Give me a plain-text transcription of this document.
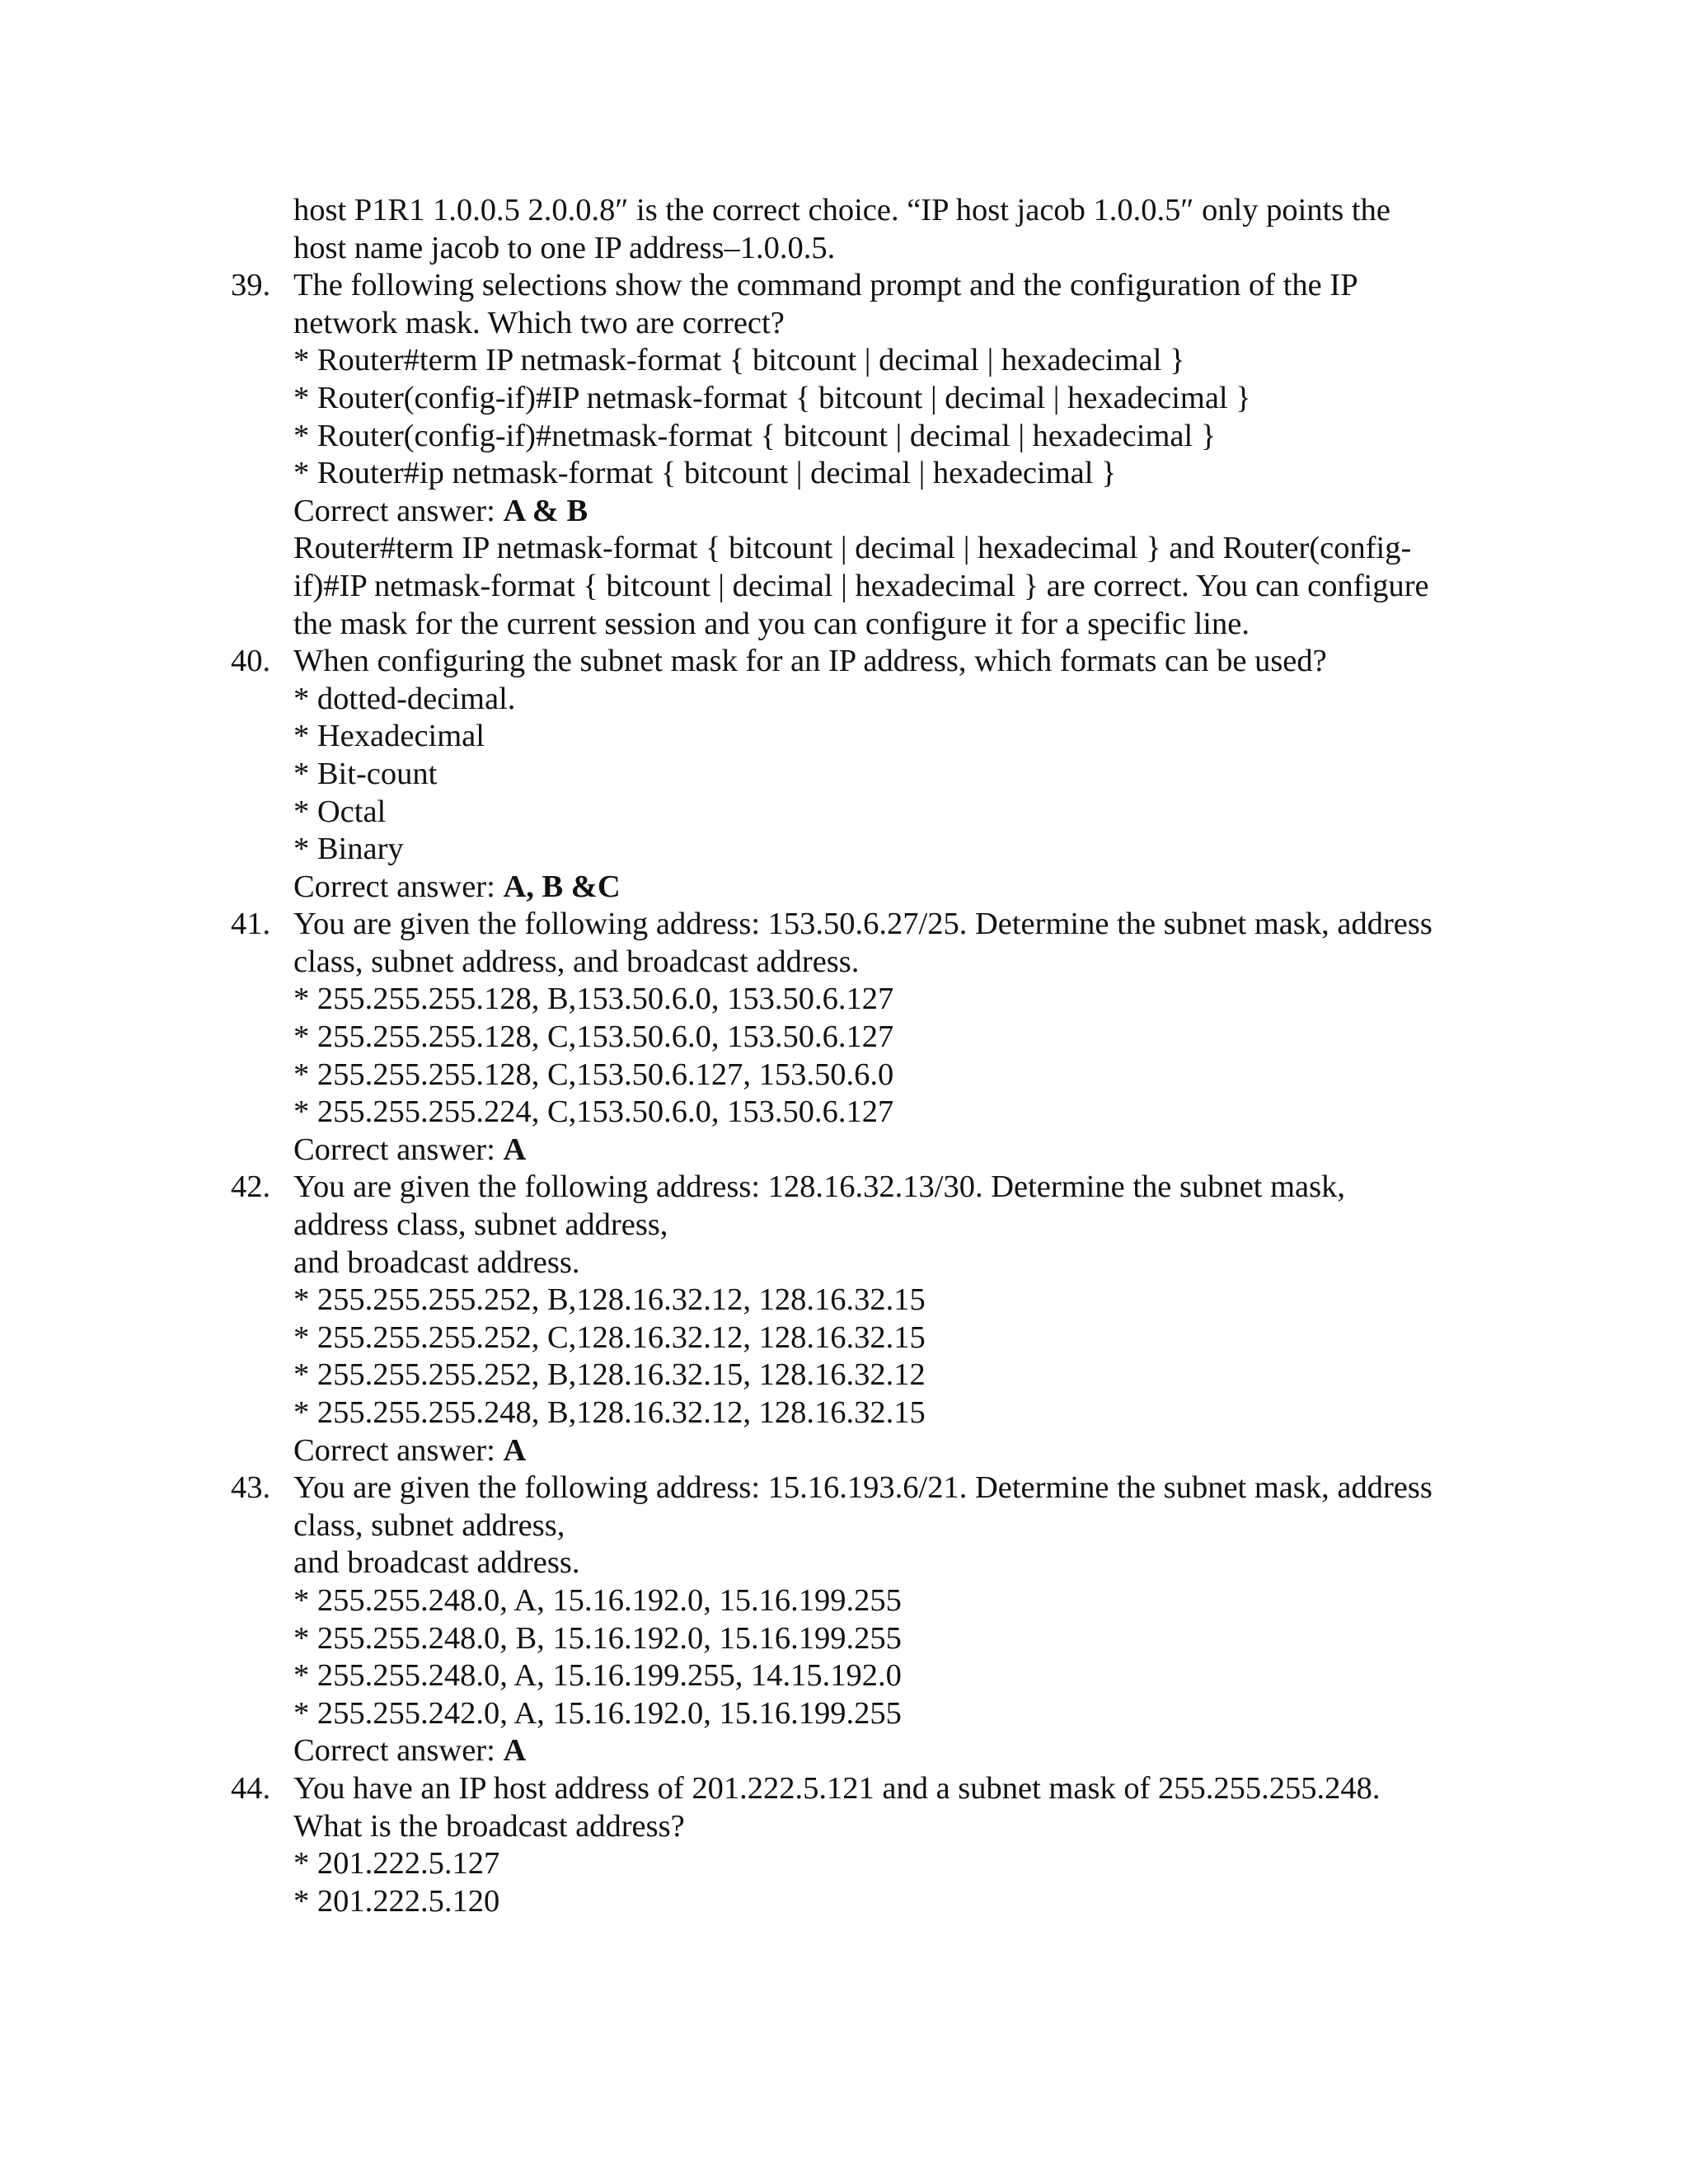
host P1R1 1.0.0.5 2.0.0.8″ is the correct choice. “IP host jacob 1.0.0.5″ only points the
host name jacob to one IP address–1.0.0.5.
39. The following selections show the command prompt and the configuration of the IP
network mask. Which two are correct?
* Router#term IP netmask-format { bitcount | decimal | hexadecimal }
* Router(config-if)#IP netmask-format { bitcount | decimal | hexadecimal }
* Router(config-if)#netmask-format { bitcount | decimal | hexadecimal }
* Router#ip netmask-format { bitcount | decimal | hexadecimal }
Correct answer: A & B
Router#term IP netmask-format { bitcount | decimal | hexadecimal } and Router(config-
if)#IP netmask-format { bitcount | decimal | hexadecimal } are correct. You can configure
the mask for the current session and you can configure it for a specific line.
40. When configuring the subnet mask for an IP address, which formats can be used?
* dotted-decimal.
* Hexadecimal
* Bit-count
* Octal
* Binary
Correct answer: A, B &C
41. You are given the following address: 153.50.6.27/25. Determine the subnet mask, address
class, subnet address, and broadcast address.
* 255.255.255.128, B,153.50.6.0, 153.50.6.127
* 255.255.255.128, C,153.50.6.0, 153.50.6.127
* 255.255.255.128, C,153.50.6.127, 153.50.6.0
* 255.255.255.224, C,153.50.6.0, 153.50.6.127
Correct answer: A
42. You are given the following address: 128.16.32.13/30. Determine the subnet mask,
address class, subnet address,
and broadcast address.
* 255.255.255.252, B,128.16.32.12, 128.16.32.15
* 255.255.255.252, C,128.16.32.12, 128.16.32.15
* 255.255.255.252, B,128.16.32.15, 128.16.32.12
* 255.255.255.248, B,128.16.32.12, 128.16.32.15
Correct answer: A
43. You are given the following address: 15.16.193.6/21. Determine the subnet mask, address
class, subnet address,
and broadcast address.
* 255.255.248.0, A, 15.16.192.0, 15.16.199.255
* 255.255.248.0, B, 15.16.192.0, 15.16.199.255
* 255.255.248.0, A, 15.16.199.255, 14.15.192.0
* 255.255.242.0, A, 15.16.192.0, 15.16.199.255
Correct answer: A
44. You have an IP host address of 201.222.5.121 and a subnet mask of 255.255.255.248.
What is the broadcast address?
* 201.222.5.127
* 201.222.5.120
